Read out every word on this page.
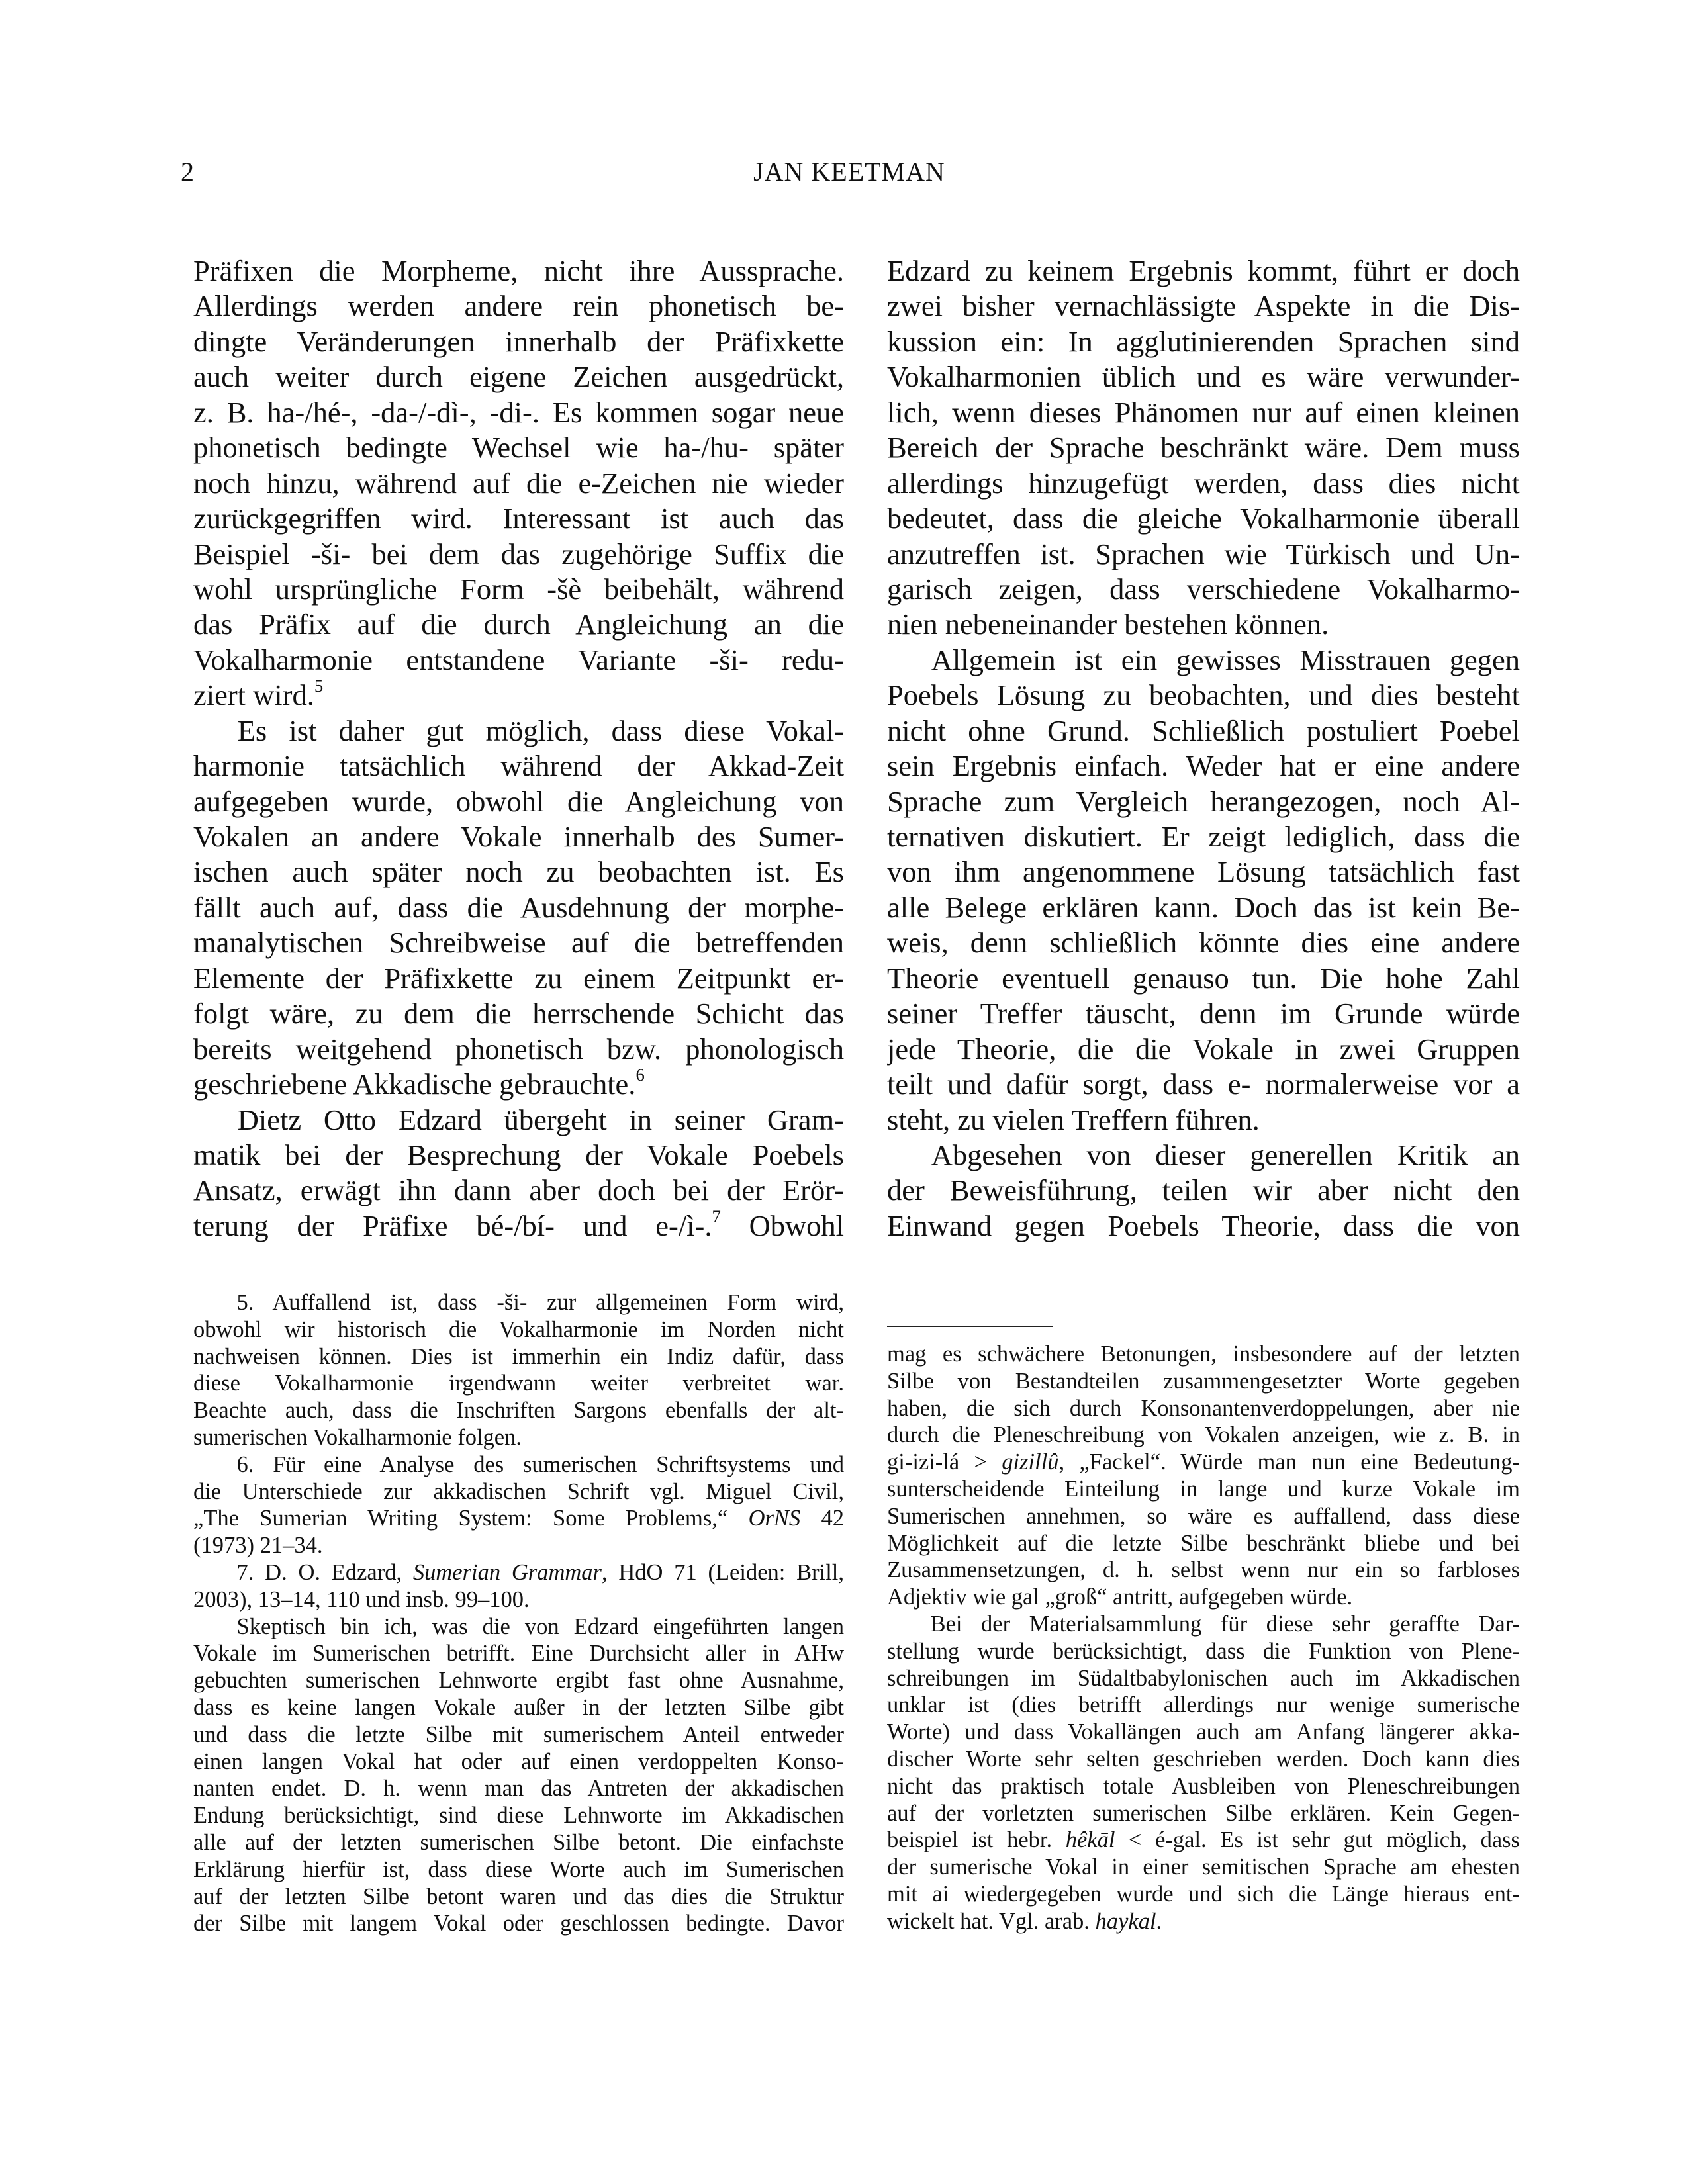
2	JAN KEETMAN
Präfixen die Morpheme, nicht ihre Aussprache.
Allerdings werden andere rein phonetisch be-
dingte Veränderungen innerhalb der Präfixkette
auch weiter durch eigene Zeichen ausgedrückt,
z. B. ha-/hé-, -da-/-dì-, -di-. Es kommen sogar neue
phonetisch bedingte Wechsel wie ha-/hu- später
noch hinzu, während auf die e-Zeichen nie wieder
zurückgegriffen wird. Interessant ist auch das
Beispiel -ši- bei dem das zugehörige Suffix die
wohl ursprüngliche Form -šè beibehält, während
das Präfix auf die durch Angleichung an die
Vokalharmonie entstandene Variante -ši- redu-
ziert wird.$^5$
Es ist daher gut möglich, dass diese Vokal-
harmonie tatsächlich während der Akkad-Zeit
aufgegeben wurde, obwohl die Angleichung von
Vokalen an andere Vokale innerhalb des Sumer-
ischen auch später noch zu beobachten ist. Es
fällt auch auf, dass die Ausdehnung der morphe-
manalytischen Schreibweise auf die betreffenden
Elemente der Präfixkette zu einem Zeitpunkt er-
folgt wäre, zu dem die herrschende Schicht das
bereits weitgehend phonetisch bzw. phonologisch
geschriebene Akkadische gebrauchte.$^6$
Dietz Otto Edzard übergeht in seiner Gram-
matik bei der Besprechung der Vokale Poebels
Ansatz, erwägt ihn dann aber doch bei der Erör-
terung der Präfixe bé-/bí- und e-/ì-.$^7$ Obwohl
Edzard zu keinem Ergebnis kommt, führt er doch
zwei bisher vernachlässigte Aspekte in die Dis-
kussion ein: In agglutinierenden Sprachen sind
Vokalharmonien üblich und es wäre verwunder-
lich, wenn dieses Phänomen nur auf einen kleinen
Bereich der Sprache beschränkt wäre. Dem muss
allerdings hinzugefügt werden, dass dies nicht
bedeutet, dass die gleiche Vokalharmonie überall
anzutreffen ist. Sprachen wie Türkisch und Un-
garisch zeigen, dass verschiedene Vokalharmo-
nien nebeneinander bestehen können.
Allgemein ist ein gewisses Misstrauen gegen
Poebels Lösung zu beobachten, und dies besteht
nicht ohne Grund. Schließlich postuliert Poebel
sein Ergebnis einfach. Weder hat er eine andere
Sprache zum Vergleich herangezogen, noch Al-
ternativen diskutiert. Er zeigt lediglich, dass die
von ihm angenommene Lösung tatsächlich fast
alle Belege erklären kann. Doch das ist kein Be-
weis, denn schließlich könnte dies eine andere
Theorie eventuell genauso tun. Die hohe Zahl
seiner Treffer täuscht, denn im Grunde würde
jede Theorie, die die Vokale in zwei Gruppen
teilt und dafür sorgt, dass e- normalerweise vor a
steht, zu vielen Treffern führen.
Abgesehen von dieser generellen Kritik an
der Beweisführung, teilen wir aber nicht den
Einwand gegen Poebels Theorie, dass die von
5. Auffallend ist, dass -ši- zur allgemeinen Form wird,
obwohl wir historisch die Vokalharmonie im Norden nicht
nachweisen können. Dies ist immerhin ein Indiz dafür, dass
diese Vokalharmonie irgendwann weiter verbreitet war.
Beachte auch, dass die Inschriften Sargons ebenfalls der alt-
sumerischen Vokalharmonie folgen.
6. Für eine Analyse des sumerischen Schriftsystems und
die Unterschiede zur akkadischen Schrift vgl. Miguel Civil,
„The Sumerian Writing System: Some Problems,“ OrNS 42
(1973) 21–34.
7. D. O. Edzard, Sumerian Grammar, HdO 71 (Leiden: Brill,
2003), 13–14, 110 und insb. 99–100.
Skeptisch bin ich, was die von Edzard eingeführten langen
Vokale im Sumerischen betrifft. Eine Durchsicht aller in AHw
gebuchten sumerischen Lehnworte ergibt fast ohne Ausnahme,
dass es keine langen Vokale außer in der letzten Silbe gibt
und dass die letzte Silbe mit sumerischem Anteil entweder
einen langen Vokal hat oder auf einen verdoppelten Konso-
nanten endet. D. h. wenn man das Antreten der akkadischen
Endung berücksichtigt, sind diese Lehnworte im Akkadischen
alle auf der letzten sumerischen Silbe betont. Die einfachste
Erklärung hierfür ist, dass diese Worte auch im Sumerischen
auf der letzten Silbe betont waren und das dies die Struktur
der Silbe mit langem Vokal oder geschlossen bedingte. Davor
mag es schwächere Betonungen, insbesondere auf der letzten
Silbe von Bestandteilen zusammengesetzter Worte gegeben
haben, die sich durch Konsonantenverdoppelungen, aber nie
durch die Pleneschreibung von Vokalen anzeigen, wie z. B. in
gi-izi-lá > gizillû, „Fackel“. Würde man nun eine Bedeutung-
sunterscheidende Einteilung in lange und kurze Vokale im
Sumerischen annehmen, so wäre es auffallend, dass diese
Möglichkeit auf die letzte Silbe beschränkt bliebe und bei
Zusammensetzungen, d. h. selbst wenn nur ein so farbloses
Adjektiv wie gal „groß“ antritt, aufgegeben würde.
Bei der Materialsammlung für diese sehr geraffte Dar-
stellung wurde berücksichtigt, dass die Funktion von Plene-
schreibungen im Südaltbabylonischen auch im Akkadischen
unklar ist (dies betrifft allerdings nur wenige sumerische
Worte) und dass Vokallängen auch am Anfang längerer akka-
discher Worte sehr selten geschrieben werden. Doch kann dies
nicht das praktisch totale Ausbleiben von Pleneschreibungen
auf der vorletzten sumerischen Silbe erklären. Kein Gegen-
beispiel ist hebr. hêkāl < é-gal. Es ist sehr gut möglich, dass
der sumerische Vokal in einer semitischen Sprache am ehesten
mit ai wiedergegeben wurde und sich die Länge hieraus ent-
wickelt hat. Vgl. arab. haykal.
